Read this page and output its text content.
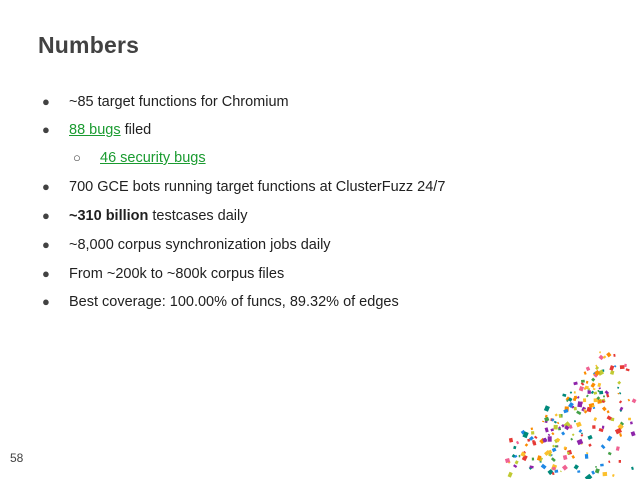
Numbers
● ~85 target functions for Chromium
● 88 bugs filed
○ 46 security bugs
● 700 GCE bots running target functions at ClusterFuzz 24/7
● ~310 billion testcases daily
● ~8,000 corpus synchronization jobs daily
● From ~200k to ~800k corpus files
● Best coverage: 100.00% of funcs, 89.32% of edges
58
